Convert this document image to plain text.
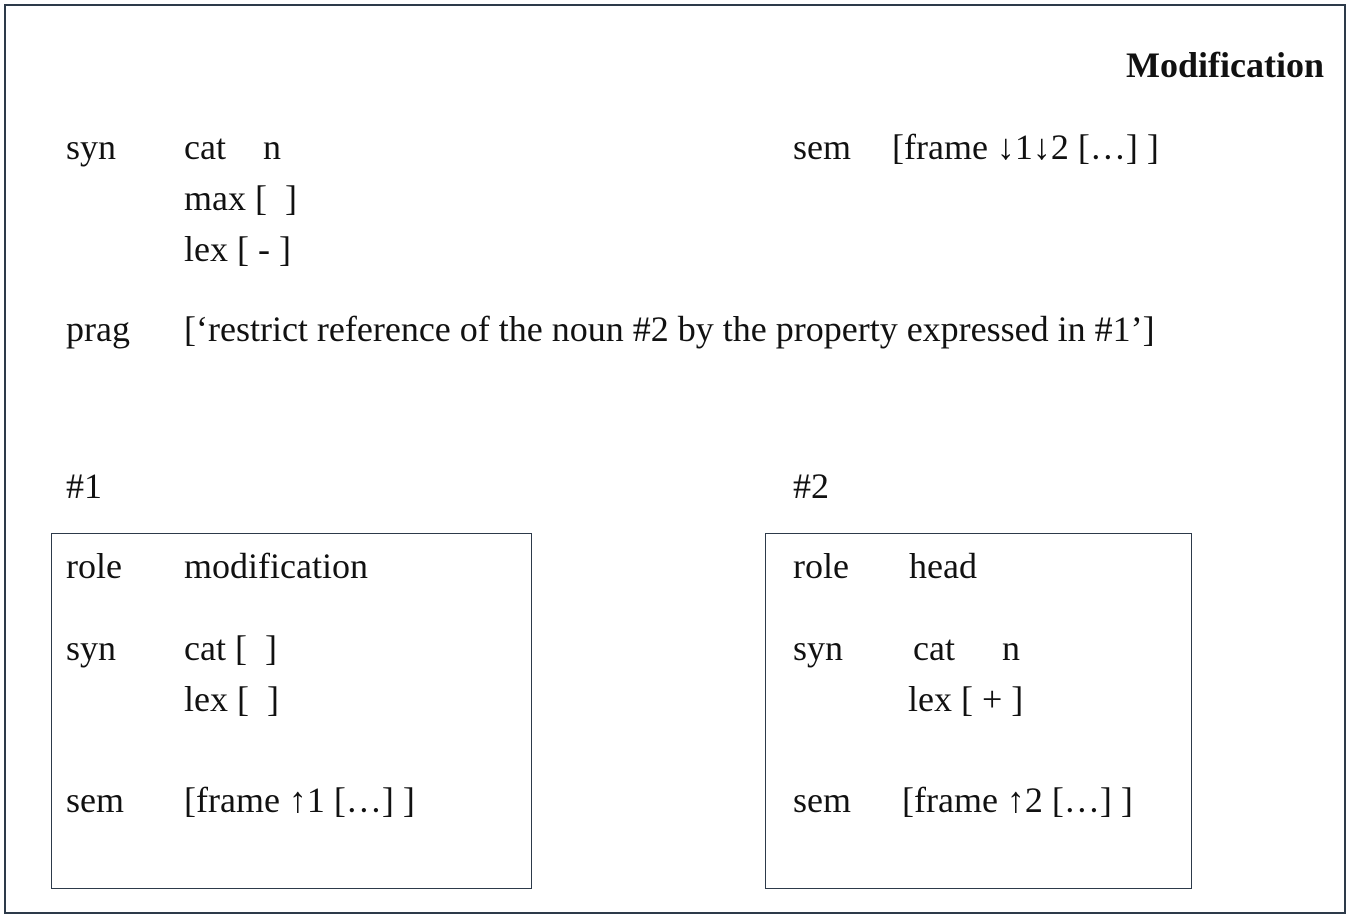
Modification
syn cat n
max [  ]
lex [ - ]
sem [frame ↓1↓2 […] ]
prag [‘restrict reference of the noun #2 by the property expressed in #1’]
#1	#2
role modification
syn cat [  ]
lex [  ]
sem [frame ↑1 […] ]
role head
syn cat n
lex [ + ]
sem [frame ↑2 […] ]
